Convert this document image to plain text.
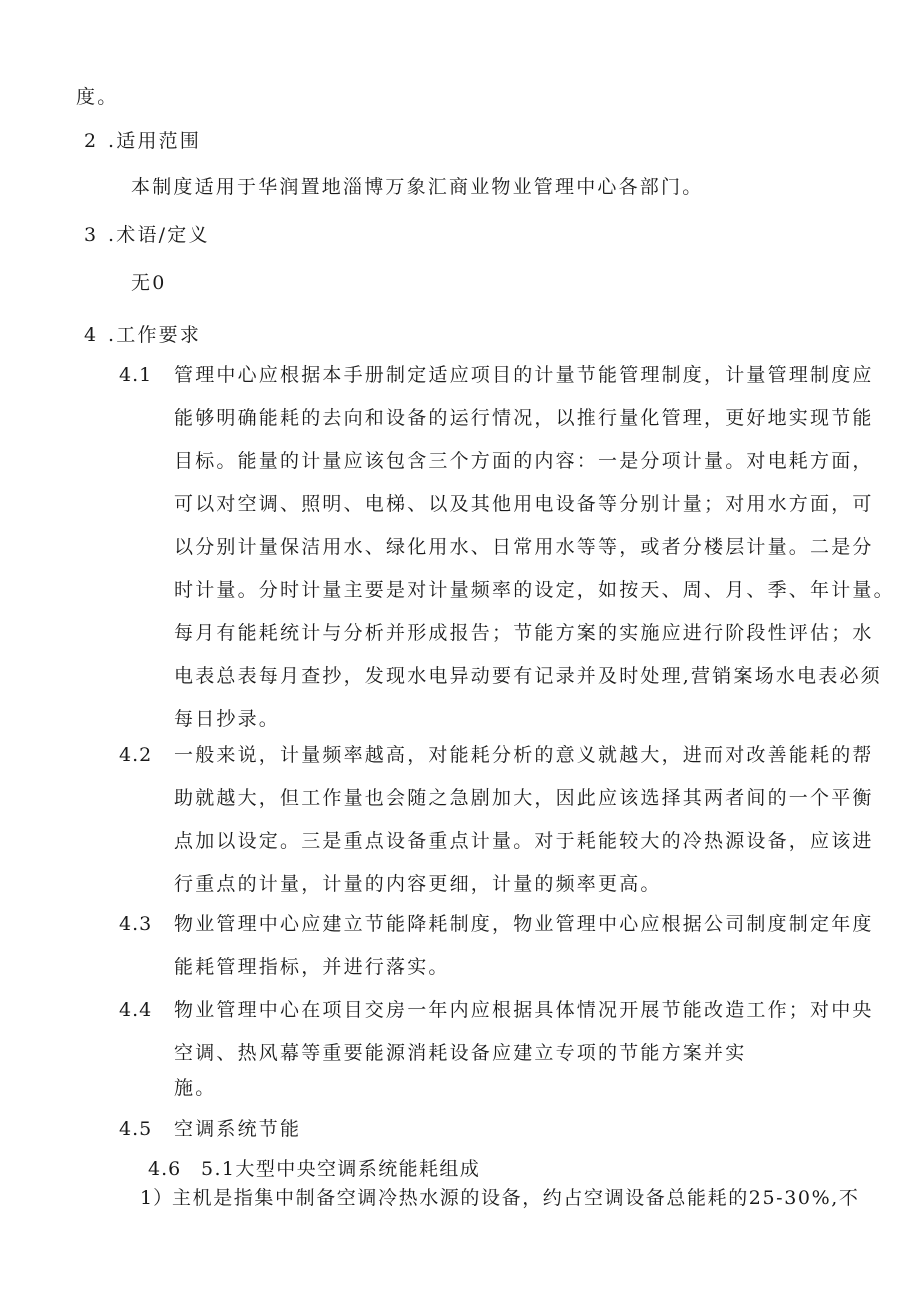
度。
2 .适用范围
本制度适用于华润置地淄博万象汇商业物业管理中心各部门。
3 .术语/定义
无0
4 .工作要求
4.1 管理中心应根据本手册制定适应项目的计量节能管理制度，计量管理制度应
能够明确能耗的去向和设备的运行情况，以推行量化管理，更好地实现节能
目标。能量的计量应该包含三个方面的内容：一是分项计量。对电耗方面，
可以对空调、照明、电梯、以及其他用电设备等分别计量；对用水方面，可
以分别计量保洁用水、绿化用水、日常用水等等，或者分楼层计量。二是分
时计量。分时计量主要是对计量频率的设定，如按天、周、月、季、年计量。
每月有能耗统计与分析并形成报告；节能方案的实施应进行阶段性评估；水
电表总表每月查抄，发现水电异动要有记录并及时处理,营销案场水电表必须
每日抄录。
4.2 一般来说，计量频率越高，对能耗分析的意义就越大，进而对改善能耗的帮
助就越大，但工作量也会随之急剧加大，因此应该选择其两者间的一个平衡
点加以设定。三是重点设备重点计量。对于耗能较大的冷热源设备，应该进
行重点的计量，计量的内容更细，计量的频率更高。
4.3 物业管理中心应建立节能降耗制度，物业管理中心应根据公司制度制定年度
能耗管理指标，并进行落实。
4.4 物业管理中心在项目交房一年内应根据具体情况开展节能改造工作；对中央
空调、热风幕等重要能源消耗设备应建立专项的节能方案并实
施。
4.5 空调系统节能
4.6 5.1大型中央空调系统能耗组成
1）
主机是指集中制备空调冷热水源的设备，约占空调设备总能耗的25-30%,不
